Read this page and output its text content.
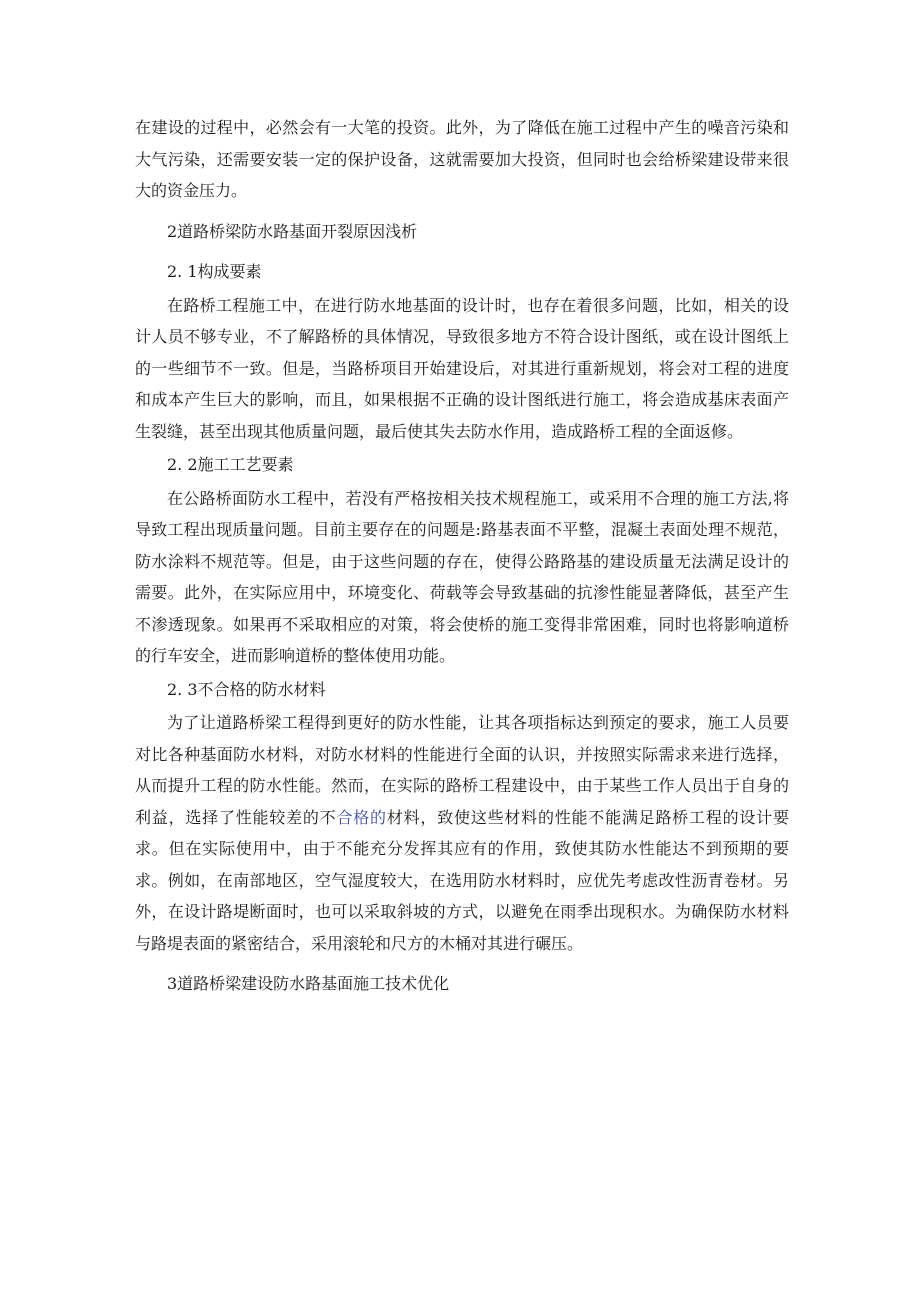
在建设的过程中，必然会有一大笔的投资。此外，为了降低在施工过程中产生的噪音污染和大气污染，还需要安装一定的保护设备，这就需要加大投资，但同时也会给桥梁建设带来很大的资金压力。

2道路桥梁防水路基面开裂原因浅析

2. 1构成要素

在路桥工程施工中，在进行防水地基面的设计时，也存在着很多问题，比如，相关的设计人员不够专业，不了解路桥的具体情况，导致很多地方不符合设计图纸，或在设计图纸上的一些细节不一致。但是，当路桥项目开始建设后，对其进行重新规划，将会对工程的进度和成本产生巨大的影响，而且，如果根据不正确的设计图纸进行施工，将会造成基床表面产生裂缝，甚至出现其他质量问题，最后使其失去防水作用，造成路桥工程的全面返修。

2. 2施工工艺要素

在公路桥面防水工程中，若没有严格按相关技术规程施工，或采用不合理的施工方法,将导致工程出现质量问题。目前主要存在的问题是:路基表面不平整，混凝土表面处理不规范，防水涂料不规范等。但是，由于这些问题的存在，使得公路路基的建设质量无法满足设计的需要。此外，在实际应用中，环境变化、荷载等会导致基础的抗渗性能显著降低，甚至产生不渗透现象。如果再不采取相应的对策，将会使桥的施工变得非常困难，同时也将影响道桥的行车安全，进而影响道桥的整体使用功能。

2. 3不合格的防水材料

为了让道路桥梁工程得到更好的防水性能，让其各项指标达到预定的要求，施工人员要对比各种基面防水材料，对防水材料的性能进行全面的认识，并按照实际需求来进行选择，从而提升工程的防水性能。然而，在实际的路桥工程建设中，由于某些工作人员出于自身的利益，选择了性能较差的不合格的材料，致使这些材料的性能不能满足路桥工程的设计要求。但在实际使用中，由于不能充分发挥其应有的作用，致使其防水性能达不到预期的要求。例如，在南部地区，空气湿度较大，在选用防水材料时，应优先考虑改性沥青卷材。另外，在设计路堤断面时，也可以采取斜坡的方式，以避免在雨季出现积水。为确保防水材料与路堤表面的紧密结合，采用滚轮和尺方的木桶对其进行碾压。

3道路桥梁建设防水路基面施工技术优化
